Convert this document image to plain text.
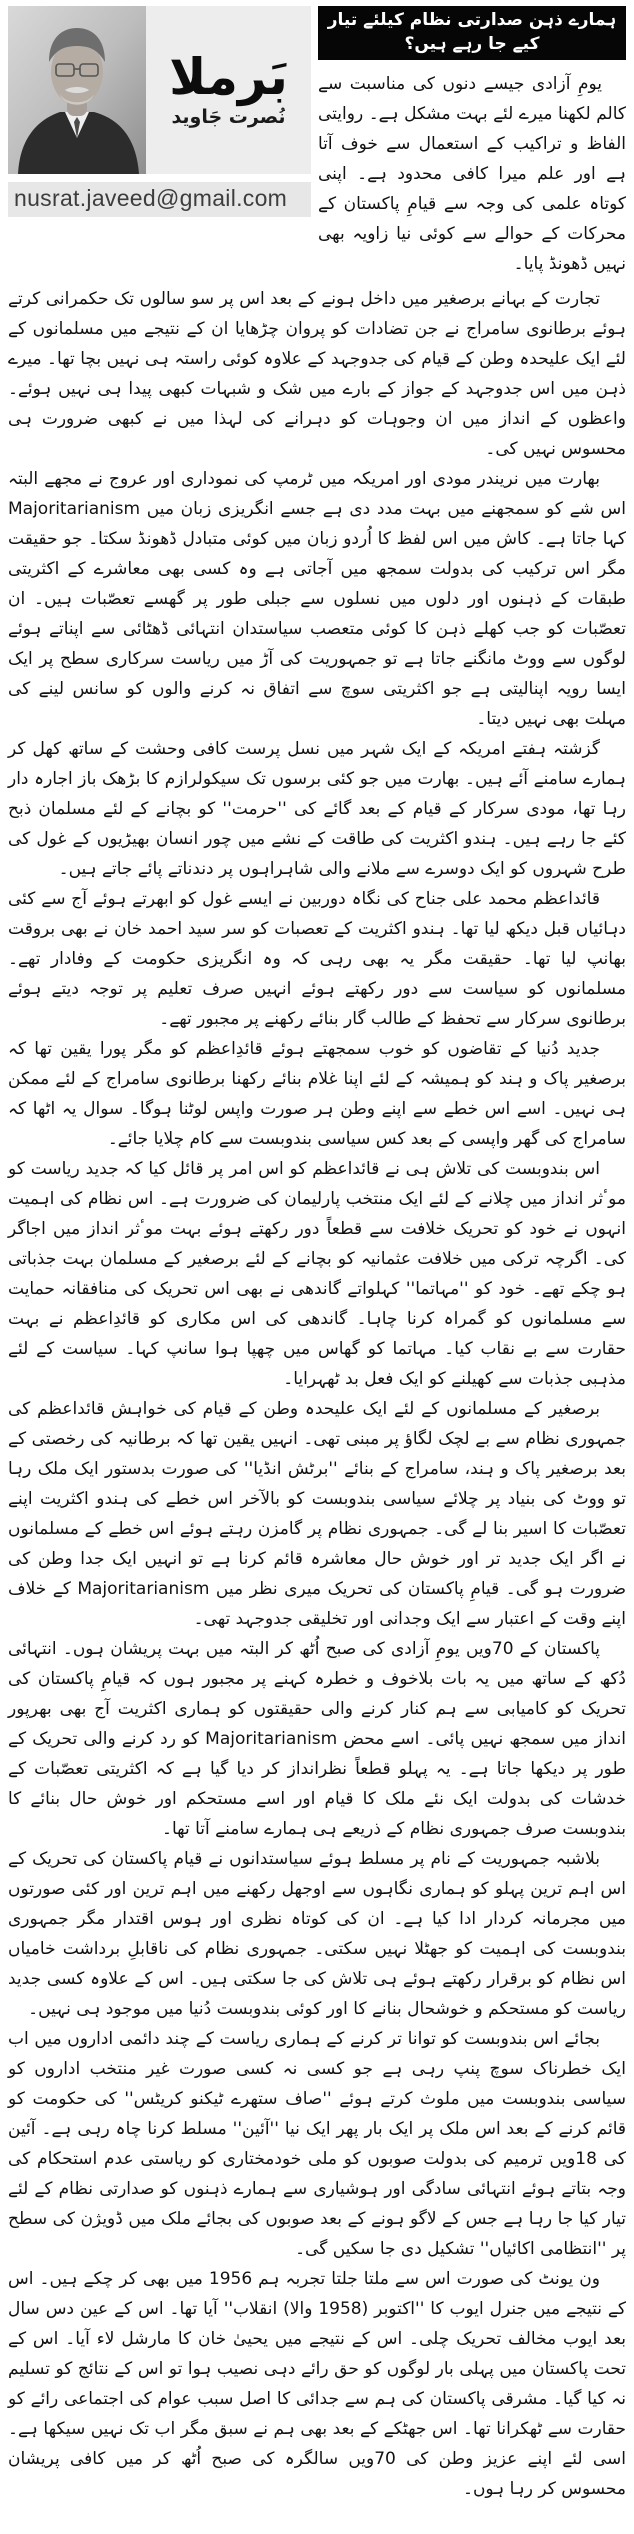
بَرملا
نُصرت جَاوید
nusrat.javeed@gmail.com
ہمارے ذہن صدارتی نظام کیلئے تیار کیے جا رہے ہیں؟

یومِ آزادی جیسے دنوں کی مناسبت سے کالم لکھنا میرے لئے بہت مشکل ہے۔ روایتی الفاظ و تراکیب کے استعمال سے خوف آتا ہے اور علم میرا کافی محدود ہے۔ اپنی کوتاہ علمی کی وجہ سے قیامِ پاکستان کے محرکات کے حوالے سے کوئی نیا زاویہ بھی نہیں ڈھونڈ پایا۔

تجارت کے بہانے برصغیر میں داخل ہونے کے بعد اس پر سو سالوں تک حکمرانی کرتے ہوئے برطانوی سامراج نے جن تضادات کو پروان چڑھایا ان کے نتیجے میں مسلمانوں کے لئے ایک علیحدہ وطن کے قیام کی جدوجہد کے علاوہ کوئی راستہ ہی نہیں بچا تھا۔ میرے ذہن میں اس جدوجہد کے جواز کے بارے میں شک و شبہات کبھی پیدا ہی نہیں ہوئے۔ واعظوں کے انداز میں ان وجوہات کو دہرانے کی لہذا میں نے کبھی ضرورت ہی محسوس نہیں کی۔

بھارت میں نریندر مودی اور امریکہ میں ٹرمپ کی نموداری اور عروج نے مجھے البتہ اس شے کو سمجھنے میں بہت مدد دی ہے جسے انگریزی زبان میں Majoritarianism کہا جاتا ہے۔ کاش میں اس لفظ کا اُردو زبان میں کوئی متبادل ڈھونڈ سکتا۔ جو حقیقت مگر اس ترکیب کی بدولت سمجھ میں آجاتی ہے وہ کسی بھی معاشرے کے اکثریتی طبقات کے ذہنوں اور دلوں میں نسلوں سے جبلی طور پر گھسے تعصّبات ہیں۔ ان تعصّبات کو جب کھلے ذہن کا کوئی متعصب سیاستدان انتہائی ڈھٹائی سے اپناتے ہوئے لوگوں سے ووٹ مانگنے جاتا ہے تو جمہوریت کی آڑ میں ریاست سرکاری سطح پر ایک ایسا رویہ اپنالیتی ہے جو اکثریتی سوچ سے اتفاق نہ کرنے والوں کو سانس لینے کی مہلت بھی نہیں دیتا۔

گزشتہ ہفتے امریکہ کے ایک شہر میں نسل پرست کافی وحشت کے ساتھ کھل کر ہمارے سامنے آئے ہیں۔ بھارت میں جو کئی برسوں تک سیکولرازم کا بڑھک باز اجارہ دار رہا تھا، مودی سرکار کے قیام کے بعد گائے کی ''حرمت'' کو بچانے کے لئے مسلمان ذبح کئے جا رہے ہیں۔ ہندو اکثریت کی طاقت کے نشے میں چور انسان بھیڑیوں کے غول کی طرح شہروں کو ایک دوسرے سے ملانے والی شاہراہوں پر دندناتے پائے جاتے ہیں۔

قائداعظم محمد علی جناح کی نگاہ دوربین نے ایسے غول کو ابھرتے ہوئے آج سے کئی دہائیاں قبل دیکھ لیا تھا۔ ہندو اکثریت کے تعصبات کو سر سید احمد خان نے بھی بروقت بھانپ لیا تھا۔ حقیقت مگر یہ بھی رہی کہ وہ انگریزی حکومت کے وفادار تھے۔ مسلمانوں کو سیاست سے دور رکھتے ہوئے انہیں صرف تعلیم پر توجہ دیتے ہوئے برطانوی سرکار سے تحفظ کے طالب گار بنائے رکھنے پر مجبور تھے۔

جدید دُنیا کے تقاضوں کو خوب سمجھتے ہوئے قائدِاعظم کو مگر پورا یقین تھا کہ برصغیر پاک و ہند کو ہمیشہ کے لئے اپنا غلام بنائے رکھنا برطانوی سامراج کے لئے ممکن ہی نہیں۔ اسے اس خطے سے اپنے وطن ہر صورت واپس لوٹنا ہوگا۔ سوال یہ اٹھا کہ سامراج کی گھر واپسی کے بعد کس سیاسی بندوبست سے کام چلایا جائے۔

اس بندوبست کی تلاش ہی نے قائداعظم کو اس امر پر قائل کیا کہ جدید ریاست کو موٴثر انداز میں چلانے کے لئے ایک منتخب پارلیمان کی ضرورت ہے۔ اس نظام کی اہمیت انہوں نے خود کو تحریک خلافت سے قطعاً دور رکھتے ہوئے بہت موٴثر انداز میں اجاگر کی۔ اگرچہ ترکی میں خلافت عثمانیہ کو بچانے کے لئے برصغیر کے مسلمان بہت جذباتی ہو چکے تھے۔ خود کو ''مہاتما'' کہلواتے گاندھی نے بھی اس تحریک کی منافقانہ حمایت سے مسلمانوں کو گمراہ کرنا چاہا۔ گاندھی کی اس مکاری کو قائدِاعظم نے بہت حقارت سے بے نقاب کیا۔ مہاتما کو گھاس میں چھپا ہوا سانپ کہا۔ سیاست کے لئے مذہبی جذبات سے کھیلنے کو ایک فعل بد ٹھہرایا۔

برصغیر کے مسلمانوں کے لئے ایک علیحدہ وطن کے قیام کی خواہش قائداعظم کی جمہوری نظام سے بے لچک لگاؤ پر مبنی تھی۔ انہیں یقین تھا کہ برطانیہ کی رخصتی کے بعد برصغیر پاک و ہند، سامراج کے بنائے ''برٹش انڈیا'' کی صورت بدستور ایک ملک رہا تو ووٹ کی بنیاد پر چلائے سیاسی بندوبست کو بالآخر اس خطے کی ہندو اکثریت اپنے تعصّبات کا اسیر بنا لے گی۔ جمہوری نظام پر گامزن رہتے ہوئے اس خطے کے مسلمانوں نے اگر ایک جدید تر اور خوش حال معاشرہ قائم کرنا ہے تو انہیں ایک جدا وطن کی ضرورت ہو گی۔ قیامِ پاکستان کی تحریک میری نظر میں Majoritarianism کے خلاف اپنے وقت کے اعتبار سے ایک وجدانی اور تخلیقی جدوجہد تھی۔

پاکستان کے 70ویں یومِ آزادی کی صبح اُٹھ کر البتہ میں بہت پریشان ہوں۔ انتہائی دُکھ کے ساتھ میں یہ بات بلاخوف و خطرہ کہنے پر مجبور ہوں کہ قیامِ پاکستان کی تحریک کو کامیابی سے ہم کنار کرنے والی حقیقتوں کو ہماری اکثریت آج بھی بھرپور انداز میں سمجھ نہیں پائی۔ اسے محض Majoritarianism کو رد کرنے والی تحریک کے طور پر دیکھا جاتا ہے۔ یہ پہلو قطعاً نظرانداز کر دیا گیا ہے کہ اکثریتی تعصّبات کے خدشات کی بدولت ایک نئے ملک کا قیام اور اسے مستحکم اور خوش حال بنائے کا بندوبست صرف جمہوری نظام کے ذریعے ہی ہمارے سامنے آتا تھا۔

بلاشبہ جمہوریت کے نام پر مسلط ہوئے سیاستدانوں نے قیام پاکستان کی تحریک کے اس اہم ترین پہلو کو ہماری نگاہوں سے اوجھل رکھنے میں اہم ترین اور کئی صورتوں میں مجرمانہ کردار ادا کیا ہے۔ ان کی کوتاہ نظری اور ہوس اقتدار مگر جمہوری بندوبست کی اہمیت کو جھٹلا نہیں سکتی۔ جمہوری نظام کی ناقابلِ برداشت خامیاں اس نظام کو برقرار رکھتے ہوئے ہی تلاش کی جا سکتی ہیں۔ اس کے علاوہ کسی جدید ریاست کو مستحکم و خوشحال بنانے کا اور کوئی بندوبست دُنیا میں موجود ہی نہیں۔

بجائے اس بندوبست کو توانا تر کرنے کے ہماری ریاست کے چند دائمی اداروں میں اب ایک خطرناک سوچ پنپ رہی ہے جو کسی نہ کسی صورت غیر منتخب اداروں کو سیاسی بندوبست میں ملوث کرتے ہوئے ''صاف ستھرے ٹیکنو کریٹس'' کی حکومت کو قائم کرنے کے بعد اس ملک پر ایک بار پھر ایک نیا ''آئین'' مسلط کرنا چاہ رہی ہے۔ آئین کی 18ویں ترمیم کی بدولت صوبوں کو ملی خودمختاری کو ریاستی عدم استحکام کی وجہ بتاتے ہوئے انتہائی سادگی اور ہوشیاری سے ہمارے ذہنوں کو صدارتی نظام کے لئے تیار کیا جا رہا ہے جس کے لاگو ہونے کے بعد صوبوں کی بجائے ملک میں ڈویژن کی سطح پر ''انتظامی اکائیاں'' تشکیل دی جا سکیں گی۔

ون یونٹ کی صورت اس سے ملتا جلتا تجربہ ہم 1956 میں بھی کر چکے ہیں۔ اس کے نتیجے میں جنرل ایوب کا ''اکتوبر (1958 والا) انقلاب'' آیا تھا۔ اس کے عین دس سال بعد ایوب مخالف تحریک چلی۔ اس کے نتیجے میں یحییٰ خان کا مارشل لاء آیا۔ اس کے تحت پاکستان میں پہلی بار لوگوں کو حق رائے دہی نصیب ہوا تو اس کے نتائج کو تسلیم نہ کیا گیا۔ مشرقی پاکستان کی ہم سے جدائی کا اصل سبب عوام کی اجتماعی رائے کو حقارت سے ٹھکرانا تھا۔ اس جھٹکے کے بعد بھی ہم نے سبق مگر اب تک نہیں سیکھا ہے۔ اسی لئے اپنے عزیز وطن کی 70ویں سالگرہ کی صبح اُٹھ کر میں کافی پریشان محسوس کر رہا ہوں۔
